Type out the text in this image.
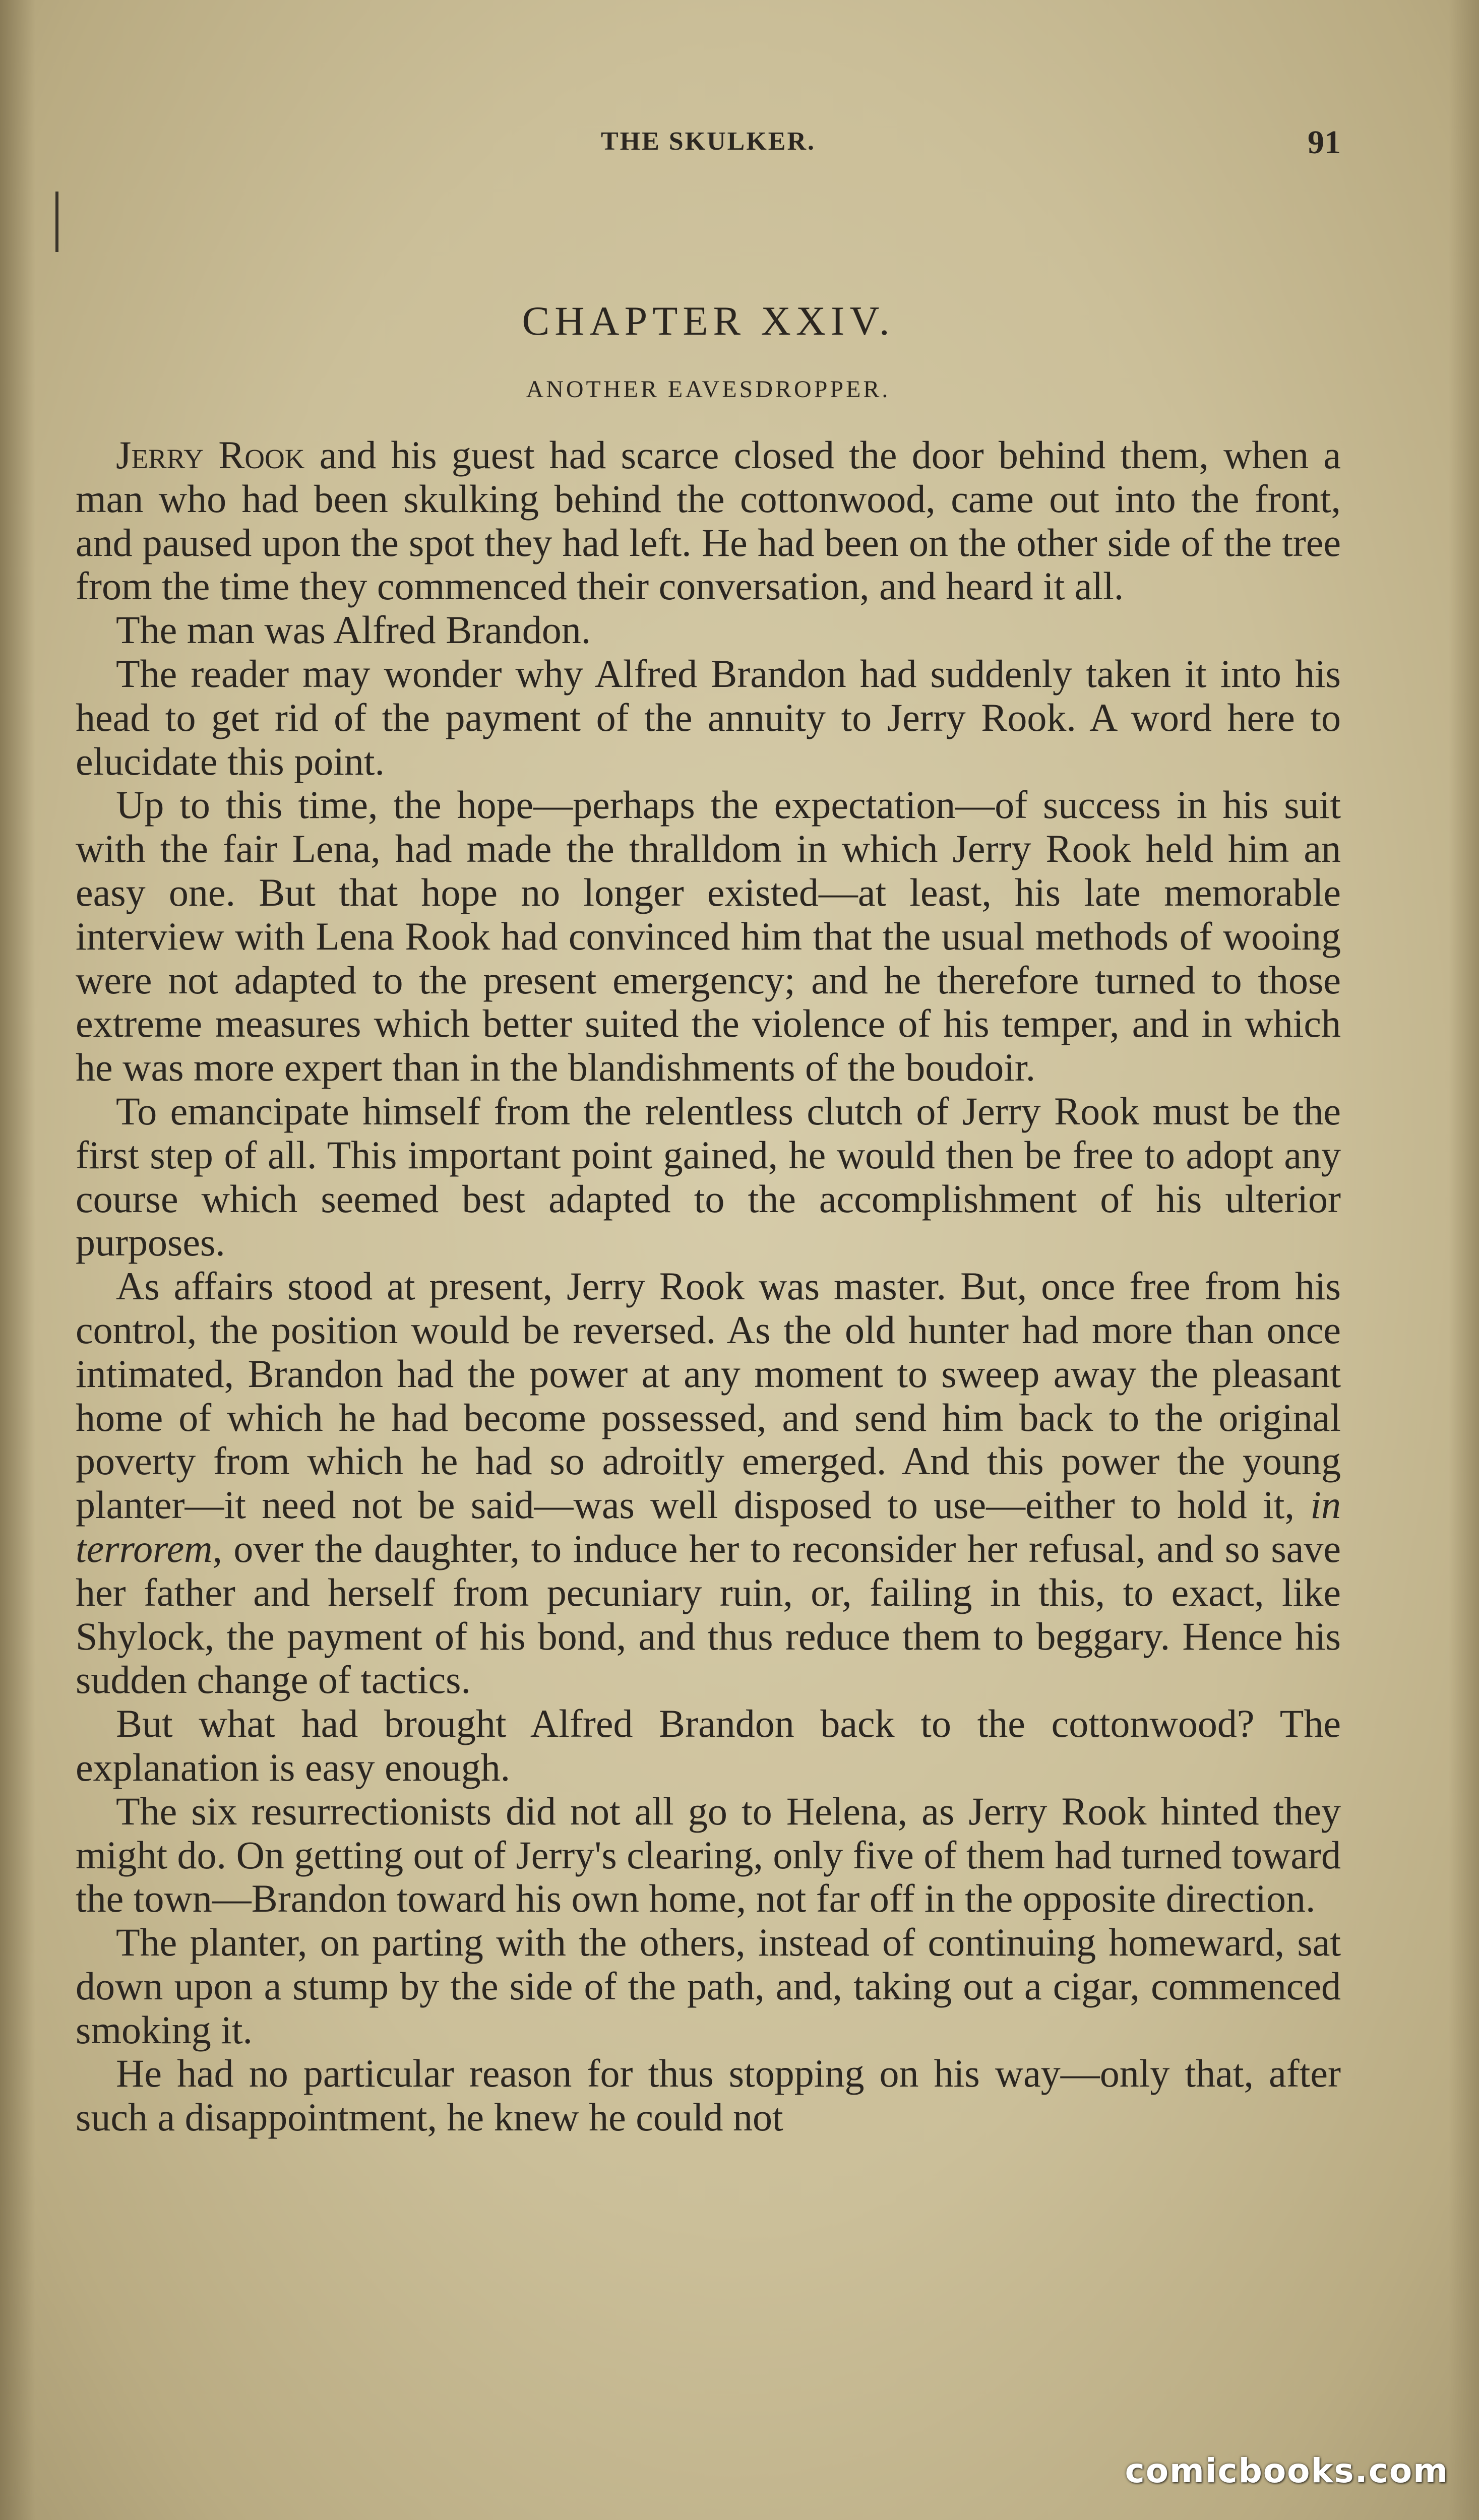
THE SKULKER.	91
CHAPTER XXIV.
ANOTHER EAVESDROPPER.

Jerry Rook and his guest had scarce closed the door behind them, when a man who had been skulking behind the cottonwood, came out into the front, and paused upon the spot they had left. He had been on the other side of the tree from the time they commenced their conversation, and heard it all.

The man was Alfred Brandon.

The reader may wonder why Alfred Brandon had suddenly taken it into his head to get rid of the payment of the annuity to Jerry Rook. A word here to elucidate this point.

Up to this time, the hope—perhaps the expectation—of success in his suit with the fair Lena, had made the thralldom in which Jerry Rook held him an easy one. But that hope no longer existed—at least, his late memorable interview with Lena Rook had convinced him that the usual methods of wooing were not adapted to the present emergency; and he therefore turned to those extreme measures which better suited the violence of his temper, and in which he was more expert than in the blandishments of the boudoir.

To emancipate himself from the relentless clutch of Jerry Rook must be the first step of all. This important point gained, he would then be free to adopt any course which seemed best adapted to the accomplishment of his ulterior purposes.

As affairs stood at present, Jerry Rook was master. But, once free from his control, the position would be reversed. As the old hunter had more than once intimated, Brandon had the power at any moment to sweep away the pleasant home of which he had become possessed, and send him back to the original poverty from which he had so adroitly emerged. And this power the young planter—it need not be said—was well disposed to use—either to hold it, in terrorem, over the daughter, to induce her to reconsider her refusal, and so save her father and herself from pecuniary ruin, or, failing in this, to exact, like Shylock, the payment of his bond, and thus reduce them to beggary. Hence his sudden change of tactics.

But what had brought Alfred Brandon back to the cottonwood? The explanation is easy enough.

The six resurrectionists did not all go to Helena, as Jerry Rook hinted they might do. On getting out of Jerry's clearing, only five of them had turned toward the town—Brandon toward his own home, not far off in the opposite direction.

The planter, on parting with the others, instead of continuing homeward, sat down upon a stump by the side of the path, and, taking out a cigar, commenced smoking it.

He had no particular reason for thus stopping on his way—only that, after such a disappointment, he knew he could not

comicbooks.com
